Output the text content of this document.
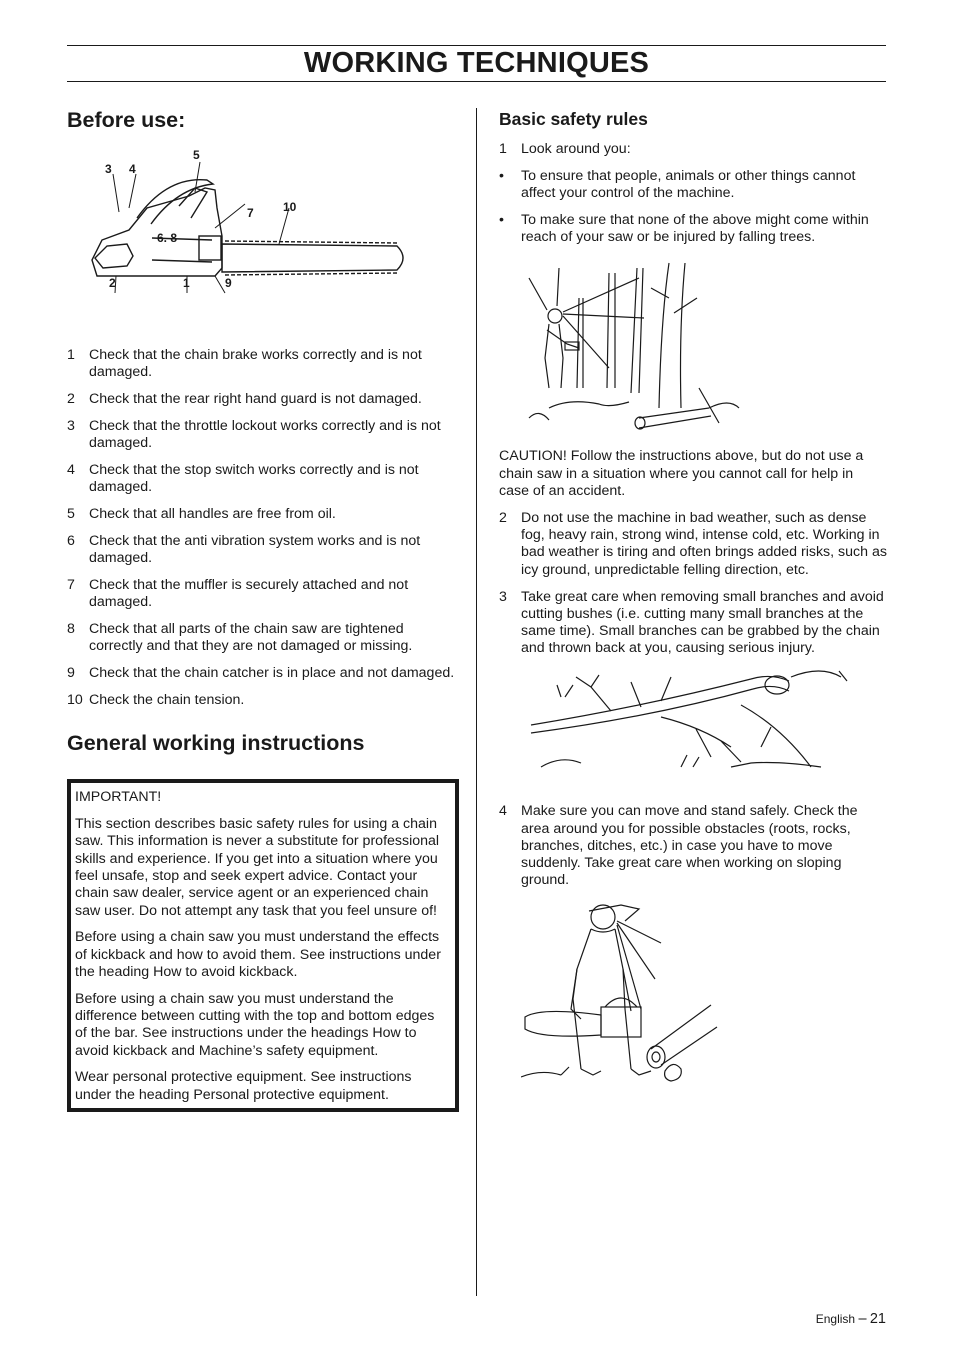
WORKING TECHNIQUES
Before use:
3 4
5
7 10
6. 8
2	1	9
1 Check that the chain brake works correctly and is not damaged.
2 Check that the rear right hand guard is not damaged.
3 Check that the throttle lockout works correctly and is not damaged.
4 Check that the stop switch works correctly and is not damaged.
5 Check that all handles are free from oil.
6 Check that the anti vibration system works and is not damaged.
7 Check that the muffler is securely attached and not damaged.
8 Check that all parts of the chain saw are tightened correctly and that they are not damaged or missing.
9 Check that the chain catcher is in place and not damaged.
10 Check the chain tension.
General working instructions

IMPORTANT!

This section describes basic safety rules for using a chain saw. This information is never a substitute for professional skills and experience. If you get into a situation where you feel unsafe, stop and seek expert advice. Contact your chain saw dealer, service agent or an experienced chain saw user. Do not attempt any task that you feel unsure of!

Before using a chain saw you must understand the effects of kickback and how to avoid them. See instructions under the heading How to avoid kickback.

Before using a chain saw you must understand the difference between cutting with the top and bottom edges of the bar. See instructions under the headings How to avoid kickback and Machine’s safety equipment.

Wear personal protective equipment. See instructions under the heading Personal protective equipment.

Basic safety rules
1 Look around you:
• To ensure that people, animals or other things cannot affect your control of the machine.
• To make sure that none of the above might come within reach of your saw or be injured by falling trees.

CAUTION! Follow the instructions above, but do not use a chain saw in a situation where you cannot call for help in case of an accident.

2 Do not use the machine in bad weather, such as dense fog, heavy rain, strong wind, intense cold, etc. Working in bad weather is tiring and often brings added risks, such as icy ground, unpredictable felling direction, etc.
3 Take great care when removing small branches and avoid cutting bushes (i.e. cutting many small branches at the same time). Small branches can be grabbed by the chain and thrown back at you, causing serious injury.
4 Make sure you can move and stand safely. Check the area around you for possible obstacles (roots, rocks, branches, ditches, etc.) in case you have to move suddenly. Take great care when working on sloping ground.
English – 21
